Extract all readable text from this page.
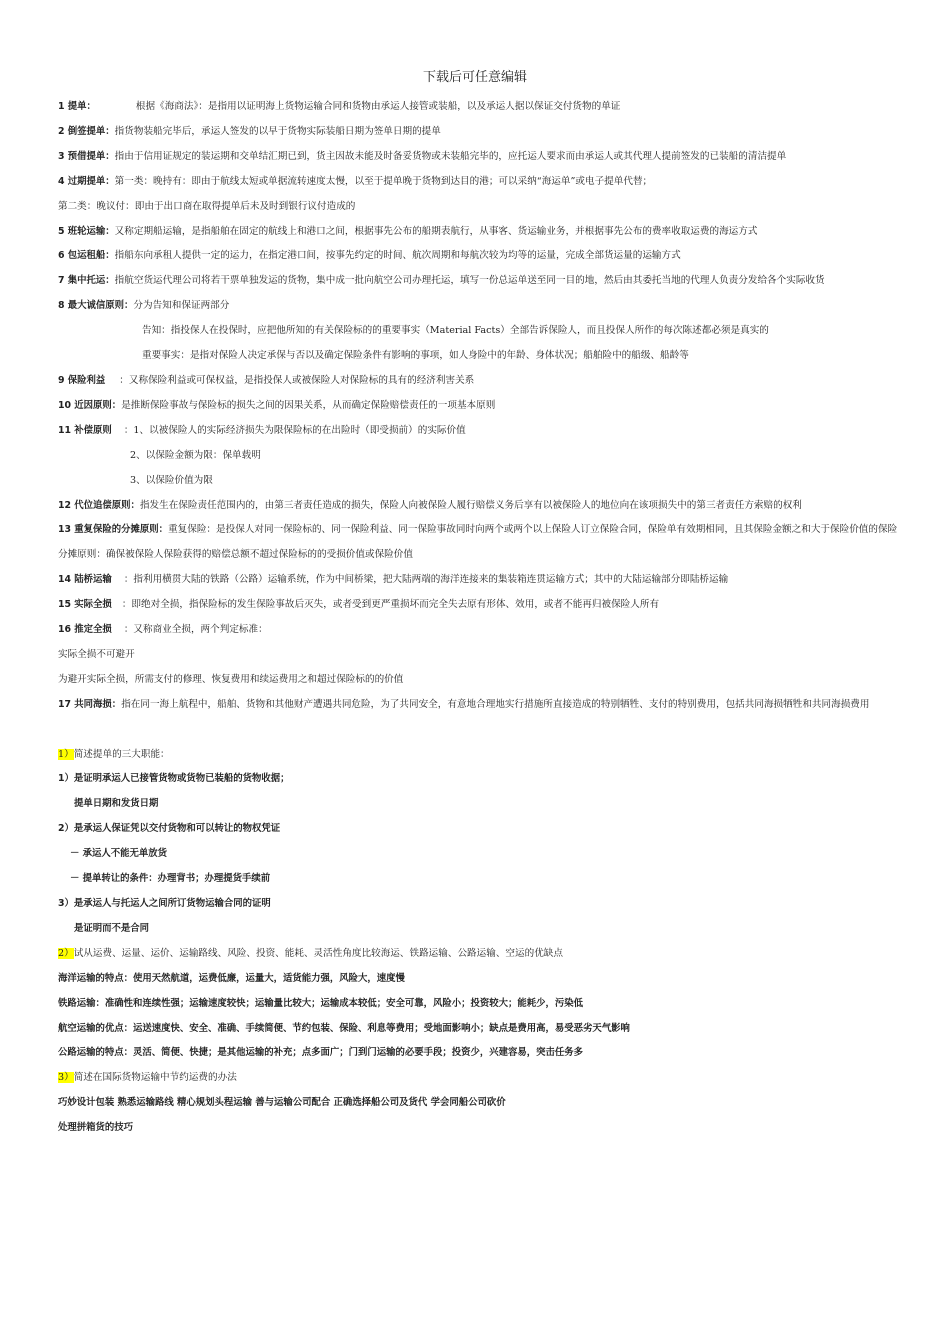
下载后可任意编辑
1 提单：	根据《海商法》：是指用以证明海上货物运输合同和货物由承运人接管或装船，以及承运人据以保证交付货物的单证
2 倒签提单：指货物装船完毕后，承运人签发的以早于货物实际装船日期为签单日期的提单
3 预借提单：指由于信用证规定的装运期和交单结汇期已到，货主因故未能及时备妥货物或未装船完毕的，应托运人要求而由承运人或其代理人提前签发的已装船的清洁提单
4 过期提单：第一类：晚持有：即由于航线太短或单据流转速度太慢，以至于提单晚于货物到达目的港；可以采纳“海运单”或电子提单代替；
第二类：晚议付：即由于出口商在取得提单后未及时到银行议付造成的
5 班轮运输：又称定期船运输，是指船舶在固定的航线上和港口之间，根据事先公布的船期表航行，从事客、货运输业务，并根据事先公布的费率收取运费的海运方式
6 包运租船：指船东向承租人提供一定的运力，在指定港口间，按事先约定的时间、航次周期和每航次较为均等的运量，完成全部货运量的运输方式
7 集中托运：指航空货运代理公司将若干票单独发运的货物，集中成一批向航空公司办理托运，填写一份总运单送至同一目的地，然后由其委托当地的代理人负责分发给各个实际收货
8 最大诚信原则：分为告知和保证两部分
告知：指投保人在投保时，应把他所知的有关保险标的的重要事实（Material Facts）全部告诉保险人，而且投保人所作的每次陈述都必须是真实的
重要事实：是指对保险人决定承保与否以及确定保险条件有影响的事项，如人身险中的年龄、身体状况；船舶险中的船级、船龄等
9 保险利益 ：又称保险利益或可保权益，是指投保人或被保险人对保险标的具有的经济利害关系
10 近因原则：是推断保险事故与保险标的损失之间的因果关系，从而确定保险赔偿责任的一项基本原则
11 补偿原则 ：1、以被保险人的实际经济损失为限保险标的在出险时（即受损前）的实际价值
2、以保险金额为限：保单载明
3、以保险价值为限
12 代位追偿原则：指发生在保险责任范围内的，由第三者责任造成的损失，保险人向被保险人履行赔偿义务后享有以被保险人的地位向在该项损失中的第三者责任方索赔的权利
13 重复保险的分摊原则：重复保险：是投保人对同一保险标的、同一保险利益、同一保险事故同时向两个或两个以上保险人订立保险合同，保险单有效期相同，且其保险金额之和大于保险价值的保险
分摊原则：确保被保险人保险获得的赔偿总额不超过保险标的的受损价值或保险价值
14 陆桥运输 ：指利用横贯大陆的铁路（公路）运输系统，作为中间桥梁，把大陆两端的海洋连接来的集装箱连贯运输方式；其中的大陆运输部分即陆桥运输
15 实际全损 ：即绝对全损，指保险标的发生保险事故后灭失，或者受到更严重损坏而完全失去原有形体、效用，或者不能再归被保险人所有
16 推定全损 ：又称商业全损，两个判定标准：
实际全损不可避开
为避开实际全损，所需支付的修理、恢复费用和续运费用之和超过保险标的的价值
17 共同海损：指在同一海上航程中，船舶、货物和其他财产遭遇共同危险，为了共同安全，有意地合理地实行措施所直接造成的特别牺牲、支付的特别费用，包括共同海损牺牲和共同海损费用
1）简述提单的三大职能：
1）是证明承运人已接管货物或货物已装船的货物收据；
提单日期和发货日期
2）是承运人保证凭以交付货物和可以转让的物权凭证
－ 承运人不能无单放货
－ 提单转让的条件：办理背书；办理提货手续前
3）是承运人与托运人之间所订货物运输合同的证明
是证明而不是合同
2）试从运费、运量、运价、运输路线、风险、投资、能耗、灵活性角度比较海运、铁路运输、公路运输、空运的优缺点
海洋运输的特点：使用天然航道，运费低廉，运量大，适货能力强，风险大，速度慢
铁路运输：准确性和连续性强；运输速度较快；运输量比较大；运输成本较低；安全可靠，风险小；投资较大；能耗少，污染低
航空运输的优点：运送速度快、安全、准确、手续简便、节约包装、保险、利息等费用；受地面影响小；缺点是费用高，易受恶劣天气影响
公路运输的特点：灵活、简便、快捷；是其他运输的补充；点多面广；门到门运输的必要手段；投资少，兴建容易，突击任务多
3）简述在国际货物运输中节约运费的办法
巧妙设计包装 熟悉运输路线 精心规划头程运输 善与运输公司配合 正确选择船公司及货代 学会同船公司砍价
处理拼箱货的技巧
